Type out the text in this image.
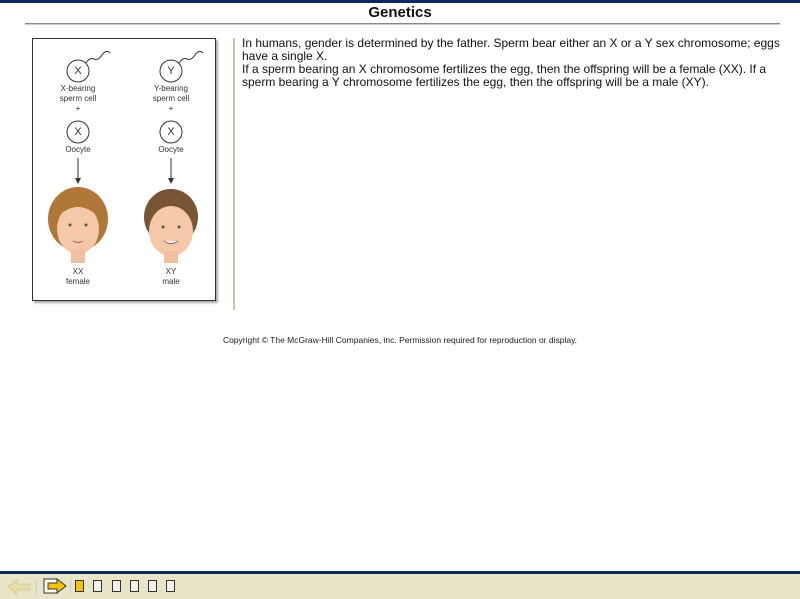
Genetics
X	Y
X-bearing
sperm cell
+
Y-bearing
sperm cell
+
X	X
Oocyte	Oocyte
XX
female
XY
male
In humans, gender is determined by the father. Sperm bear either an X or a Y sex chromosome; eggs have a single X.
If a sperm bearing an X chromosome fertilizes the egg, then the offspring will be a female (XX). If a sperm bearing a Y chromosome fertilizes the egg, then the offspring will be a male (XY).
Copyright © The McGraw-Hill Companies, inc. Permission required for reproduction or display.
